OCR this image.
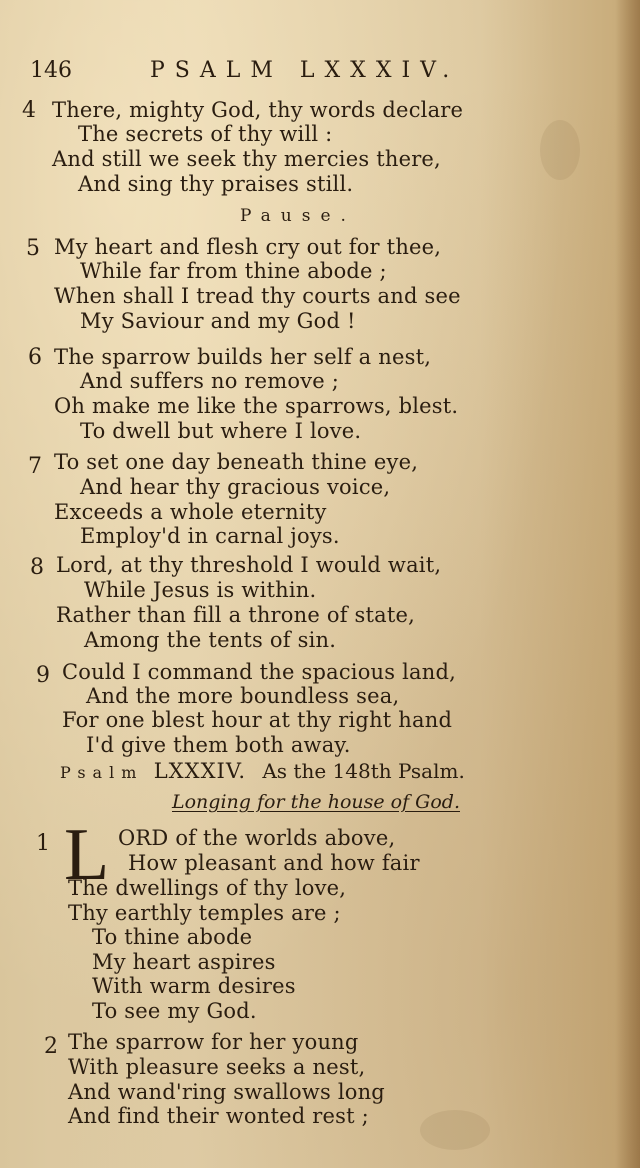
146	PSALM LXXXIV.
4 There, mighty God, thy words declare
The secrets of thy will :
And still we seek thy mercies there,
And sing thy praises still.
Pause.
5 My heart and flesh cry out for thee,
While far from thine abode ;
When shall I tread thy courts and see
My Saviour and my God !
6 The sparrow builds her self a nest,
And suffers no remove ;
Oh make me like the sparrows, blest.
To dwell but where I love.
7 To set one day beneath thine eye,
And hear thy gracious voice,
Exceeds a whole eternity
Employ'd in carnal joys.
8 Lord, at thy threshold I would wait,
While Jesus is within.
Rather than fill a throne of state,
Among the tents of sin.
9 Could I command the spacious land,
And the more boundless sea,
For one blest hour at thy right hand
I'd give them both away.
Psalm LXXXIV. As the 148th Psalm.
Longing for the house of God.
1 L ORD of the worlds above,
How pleasant and how fair
The dwellings of thy love,
Thy earthly temples are ;
To thine abode
My heart aspires
With warm desires
To see my God.
2 The sparrow for her young
With pleasure seeks a nest,
And wand'ring swallows long
And find their wonted rest ;
